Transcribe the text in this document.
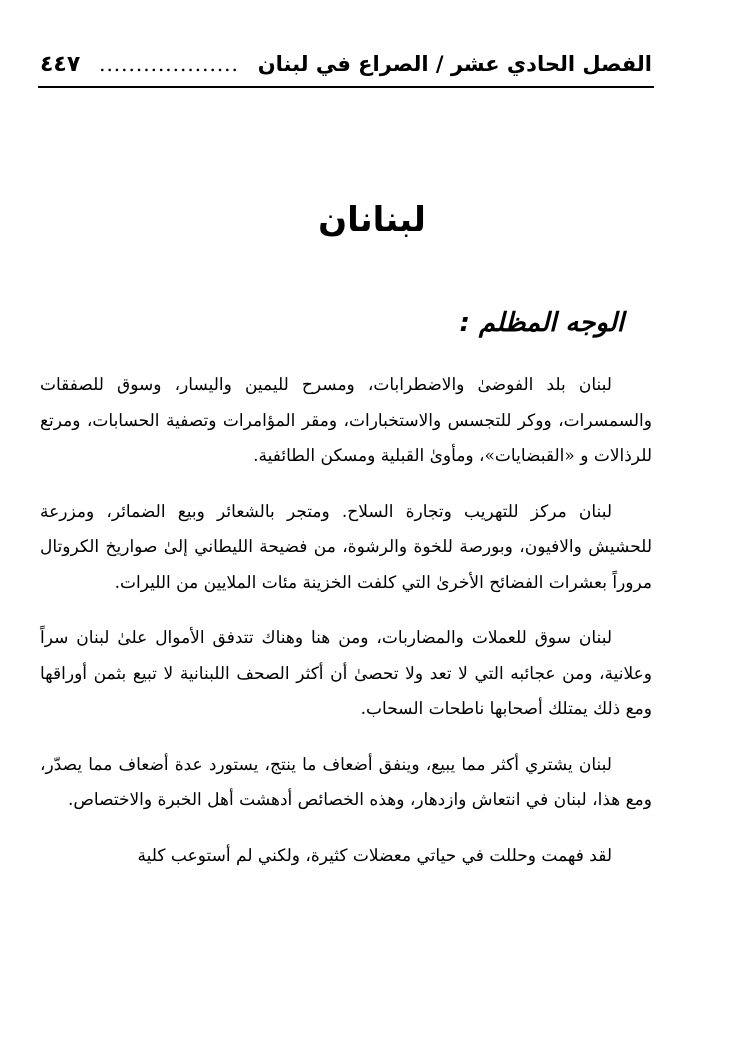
الفصل الحادي عشر / الصراع في لبنان
...................
٤٤٧
لبنانان
الوجه المظلم :

لبنان بلد الفوضىٰ والاضطرابات، ومسرح لليمين واليسار، وسوق للصفقات والسمسرات، ووكر للتجسس والاستخبارات، ومقر المؤامرات وتصفية الحسابات، ومرتع للرذالات و «القبضايات»، ومأوىٰ القبلية ومسكن الطائفية.

لبنان مركز للتهريب وتجارة السلاح. ومتجر بالشعائر وبيع الضمائر، ومزرعة للحشيش والافيون، وبورصة للخوة والرشوة، من فضيحة الليطاني إلىٰ صواريخ الكروتال مروراً بعشرات الفضائح الأخرىٰ التي كلفت الخزينة مئات الملايين من الليرات.

لبنان سوق للعملات والمضاربات، ومن هنا وهناك تتدفق الأموال علىٰ لبنان سراً وعلانية، ومن عجائبه التي لا تعد ولا تحصىٰ أن أكثر الصحف اللبنانية لا تبيع بثمن أوراقها ومع ذلك يمتلك أصحابها ناطحات السحاب.

لبنان يشتري أكثر مما يبيع، وينفق أضعاف ما ينتج، يستورد عدة أضعاف مما يصدّر، ومع هذا، لبنان في انتعاش وازدهار، وهذه الخصائص أدهشت أهل الخبرة والاختصاص.

لقد فهمت وحللت في حياتي معضلات كثيرة، ولكني لم أستوعب كلية
